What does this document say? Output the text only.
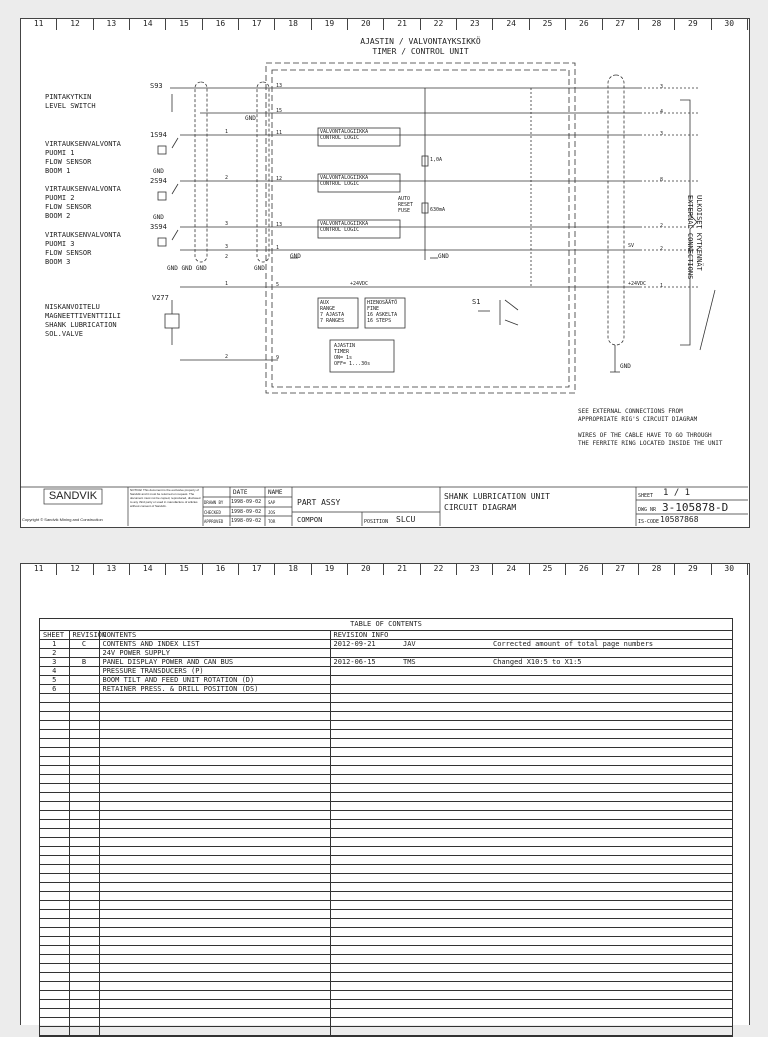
11	12	13	14	15	16	17	18	19	20	21	22	23	24	25	26	27	28	29	30
GND	GND
GND
GND GND GND	GND
GND
GND
GND
AJASTIN / VALVONTAYKSIKKÖ
TIMER / CONTROL UNIT
PINTAKYTKIN
LEVEL SWITCH
S93
VIRTAUKSENVALVONTA
PUOMI 1
FLOW SENSOR
BOOM 1
1S94
VIRTAUKSENVALVONTA
PUOMI 2
FLOW SENSOR
BOOM 2
2S94
VIRTAUKSENVALVONTA
PUOMI 3
FLOW SENSOR
BOOM 3
3S94
NISKANVOITELU
MAGNEETTIVENTTIILI
SHANK LUBRICATION
SOL.VALVE
V277
VALVONTALOGIIKKA
CONTROL LOGIC
VALVONTALOGIIKKA
CONTROL LOGIC
VALVONTALOGIIKKA
CONTROL LOGIC
1,0A
AUTO
RESET
FUSE	630mA
+24VDC	+24VDC
AUX
RANGE
7 AJASTA
7 RANGES
HIENOSÄÄTÖ
FINE
16 ASKELTA
16 STEPS
AJASTIN
TIMER
ON= 1s
OFF= 1...30s
S1
SV
3
4
3
8
2
2
1
1
2
3
1
2
3
2
13
15
11
12
13
5
1
9
ULKOISET KYTKENNÄT
EXTERNAL CONNECTIONS
SEE EXTERNAL CONNECTIONS FROM
APPROPRIATE RIG'S CIRCUIT DIAGRAM
WIRES OF THE CABLE HAVE TO GO THROUGH
THE FERRITE RING LOCATED INSIDE THE UNIT
SANDVIK
Copyright © Sandvik Mining and Construction
NOTICE! This document is the exclusive property of Sandvik and it must be returned on request. The document must not be copied, reproduced, disclosed to any third party or used in manufacture of articles without consent of Sandvik.
DATE	NAME
DRAWN BY 1998-09-02 SAP
CHECKED 1998-09-02 JOS
APPROVED 1998-09-02 TOR
PART ASSY
COMPON	POSITION SLCU
SHANK LUBRICATION UNIT
CIRCUIT DIAGRAM
SHEET 1 / 1
DWG NR 3-105878-D
IS-CODE 10587868
11	12	13	14	15	16	17	18	19	20	21	22	23	24	25	26	27	28	29	30
TABLE OF CONTENTS
SHEET	REVISION	CONTENTS	REVISION INFO		
1	C	CONTENTS AND INDEX LIST	2012-09-21	JAV	Corrected amount of total page numbers
2		24V POWER SUPPLY			
3	B	PANEL DISPLAY POWER AND CAN BUS	2012-06-15	TMS	Changed X10:5 to X1:5
4		PRESSURE TRANSDUCERS (P)			
5		BOOM TILT AND FEED UNIT ROTATION (D)			
6		RETAINER PRESS. & DRILL POSITION (DS)			
